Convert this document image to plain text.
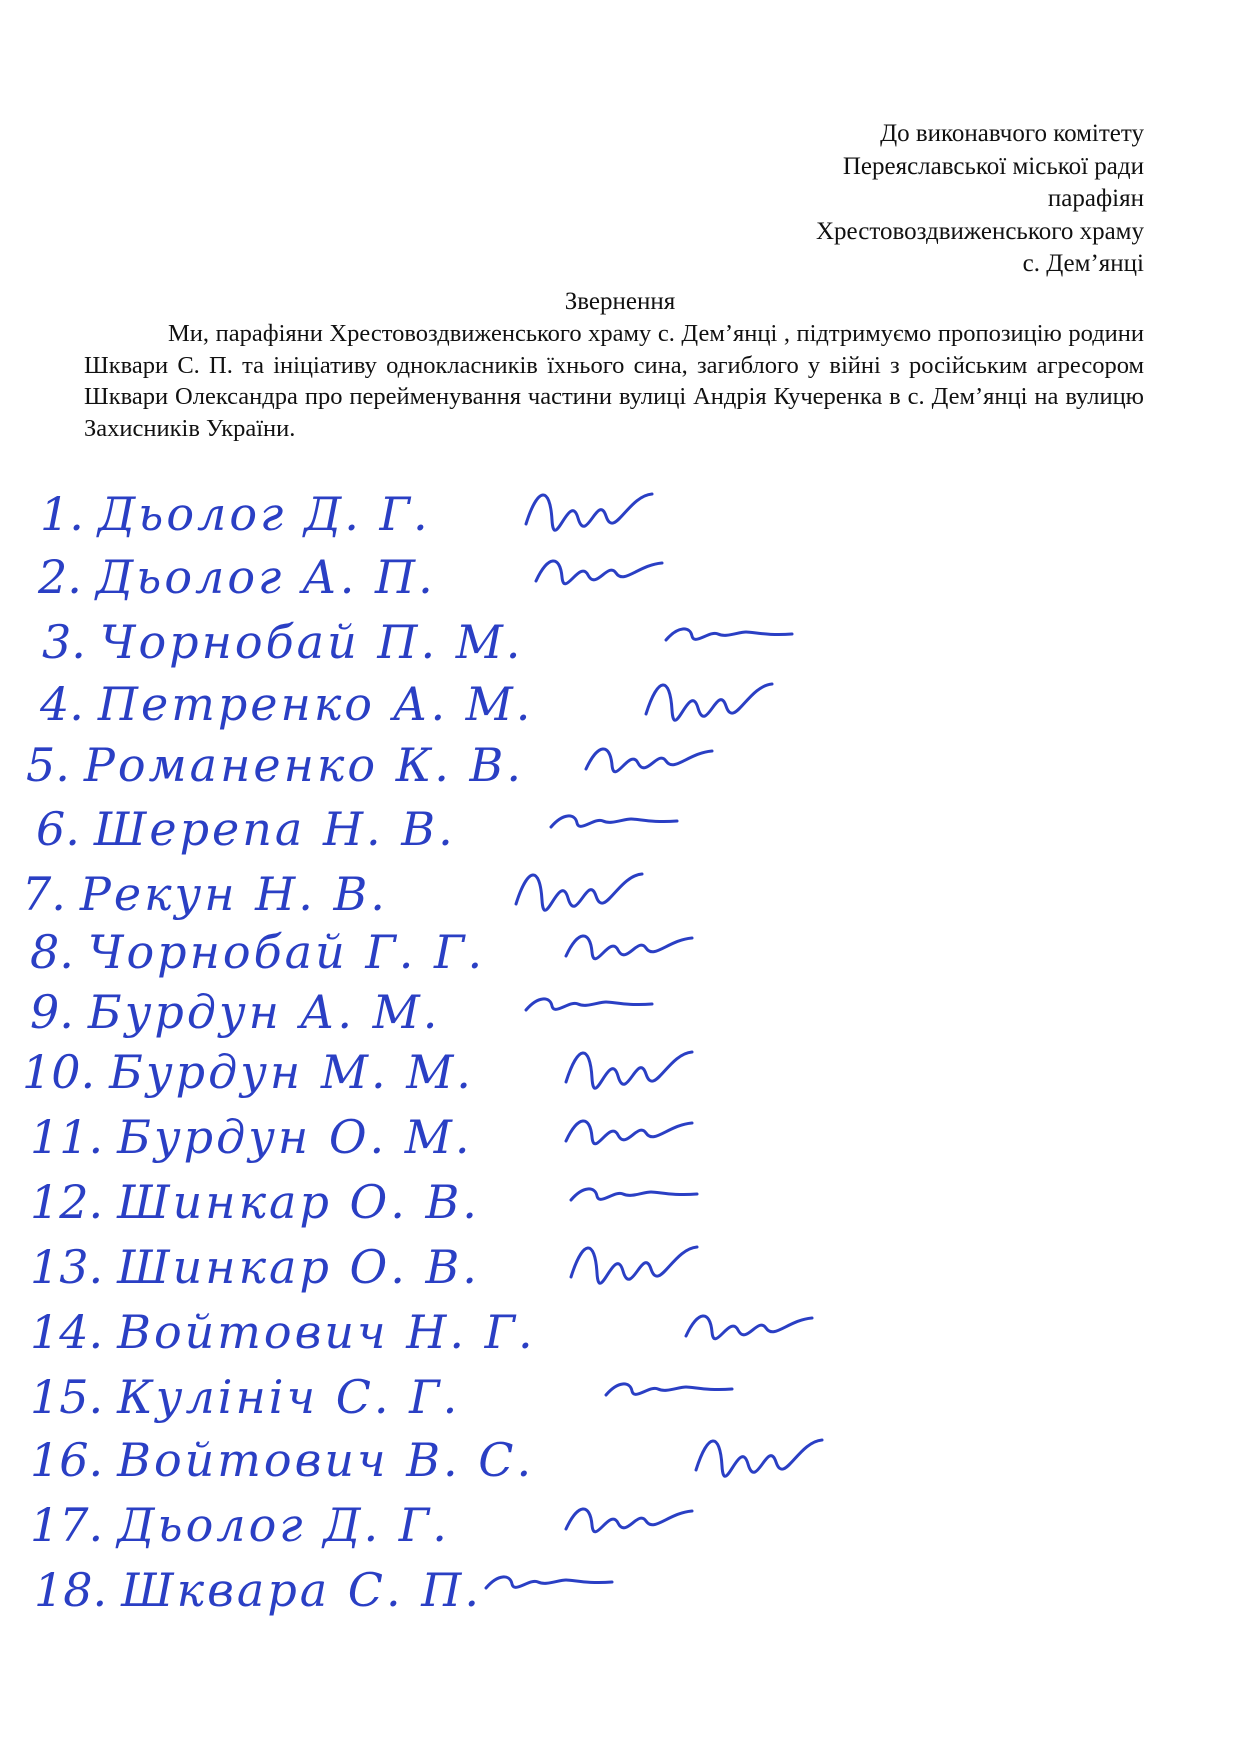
До виконавчого комітету
Переяславської міської ради
парафіян
Хрестовоздвиженського храму
с. Дем’янці
Звернення
Ми, парафіяни Хрестовоздвиженського храму с. Дем’янці , підтримуємо пропозицію родини Шквари С. П. та ініціативу однокласників їхнього сина, загиблого у війні з російським агресором Шквари Олександра про перейменування частини вулиці Андрія Кучеренка в с. Дем’янці на вулицю Захисників України.
1. Дьолог Д. Г.
2. Дьолог А. П.
3. Чорнобай П. М.
4. Петренко А. М.
5. Романенко К. В.
6. Шерепа Н. В.
7. Рекун Н. В.
8. Чорнобай Г. Г.
9. Бурдун А. М.
10. Бурдун М. М.
11. Бурдун О. М.
12. Шинкар О. В.
13. Шинкар О. В.
14. Войтович Н. Г.
15. Кулініч С. Г.
16. Войтович В. С.
17. Дьолог Д. Г.
18. Шквара С. П.
